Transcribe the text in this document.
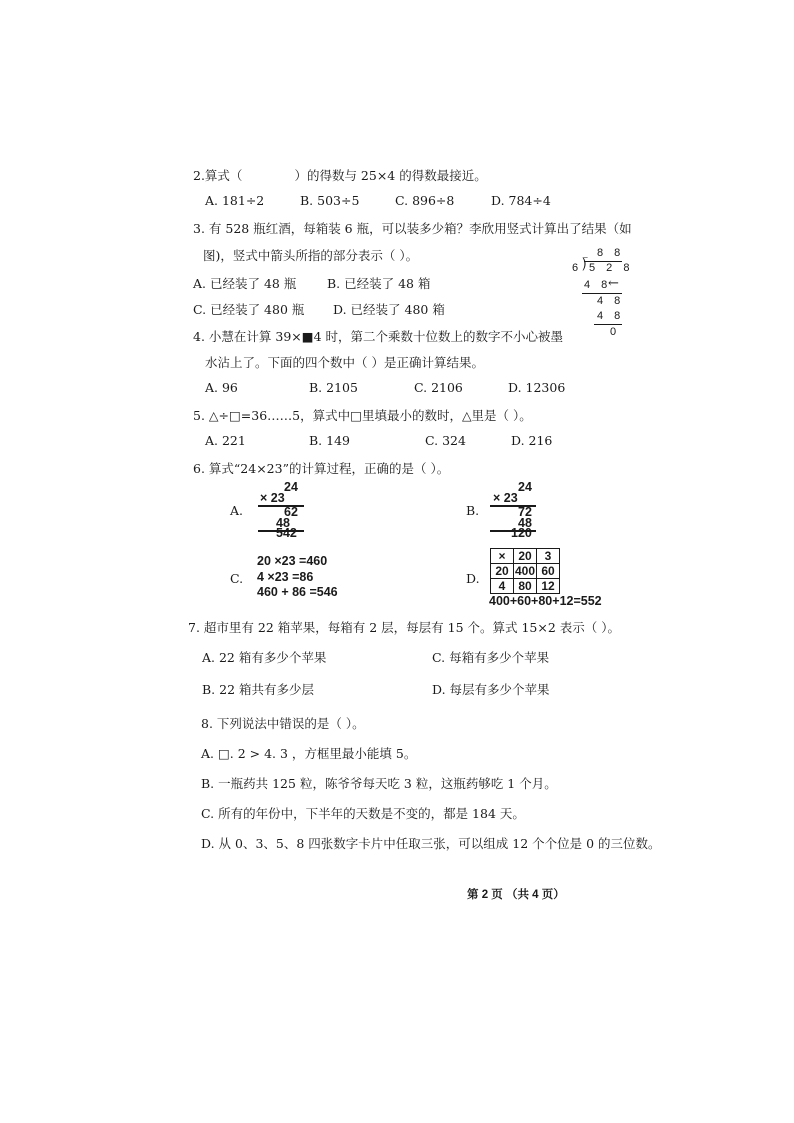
2.算式（	）的得数与 25×4 的得数最接近。
A. 181÷2	B. 503÷5	C. 896÷8	D. 784÷4
3. 有 528 瓶红酒，每箱装 6 瓶，可以装多少箱？李欣用竖式计算出了结果（如
图)，竖式中箭头所指的部分表示（ ）。
A. 已经装了 48 瓶 B. 已经装了 48 箱
C. 已经装了 480 瓶 D. 已经装了 480 箱
8 8
6 ⟌ 5 2 8
4 8
←
4 8
4 8
0
4. 小慧在计算 39×■4 时，第二个乘数十位数上的数字不小心被墨
水沾上了。下面的四个数中（ ）是正确计算结果。
A. 96	B. 2105	C. 2106	D. 12306
5. △÷□=36……5，算式中□里填最小的数时，△里是（ ）。
A. 221	B. 149	C. 324	D. 216
6. 算式“24×23”的计算过程，正确的是（ ）。
A.
24
× 23
62
48
542
B.
24
× 23
72
48
120
C.
20 ×23 =460
4 ×23 =86
460 + 86 =546
D.
×	20	3
20	400	60
4	80	12
400+60+80+12=552
7. 超市里有 22 箱苹果，每箱有 2 层，每层有 15 个。算式 15×2 表示（ ）。
A. 22 箱有多少个苹果	C. 每箱有多少个苹果
B. 22 箱共有多少层	D. 每层有多少个苹果
8. 下列说法中错误的是（ ）。
A. □. 2 > 4. 3 ，方框里最小能填 5。
B. 一瓶药共 125 粒，陈爷爷每天吃 3 粒，这瓶药够吃 1 个月。
C. 所有的年份中，下半年的天数是不变的，都是 184 天。
D. 从 0、3、5、8 四张数字卡片中任取三张，可以组成 12 个个位是 0 的三位数。
第 2 页 （共 4 页）
